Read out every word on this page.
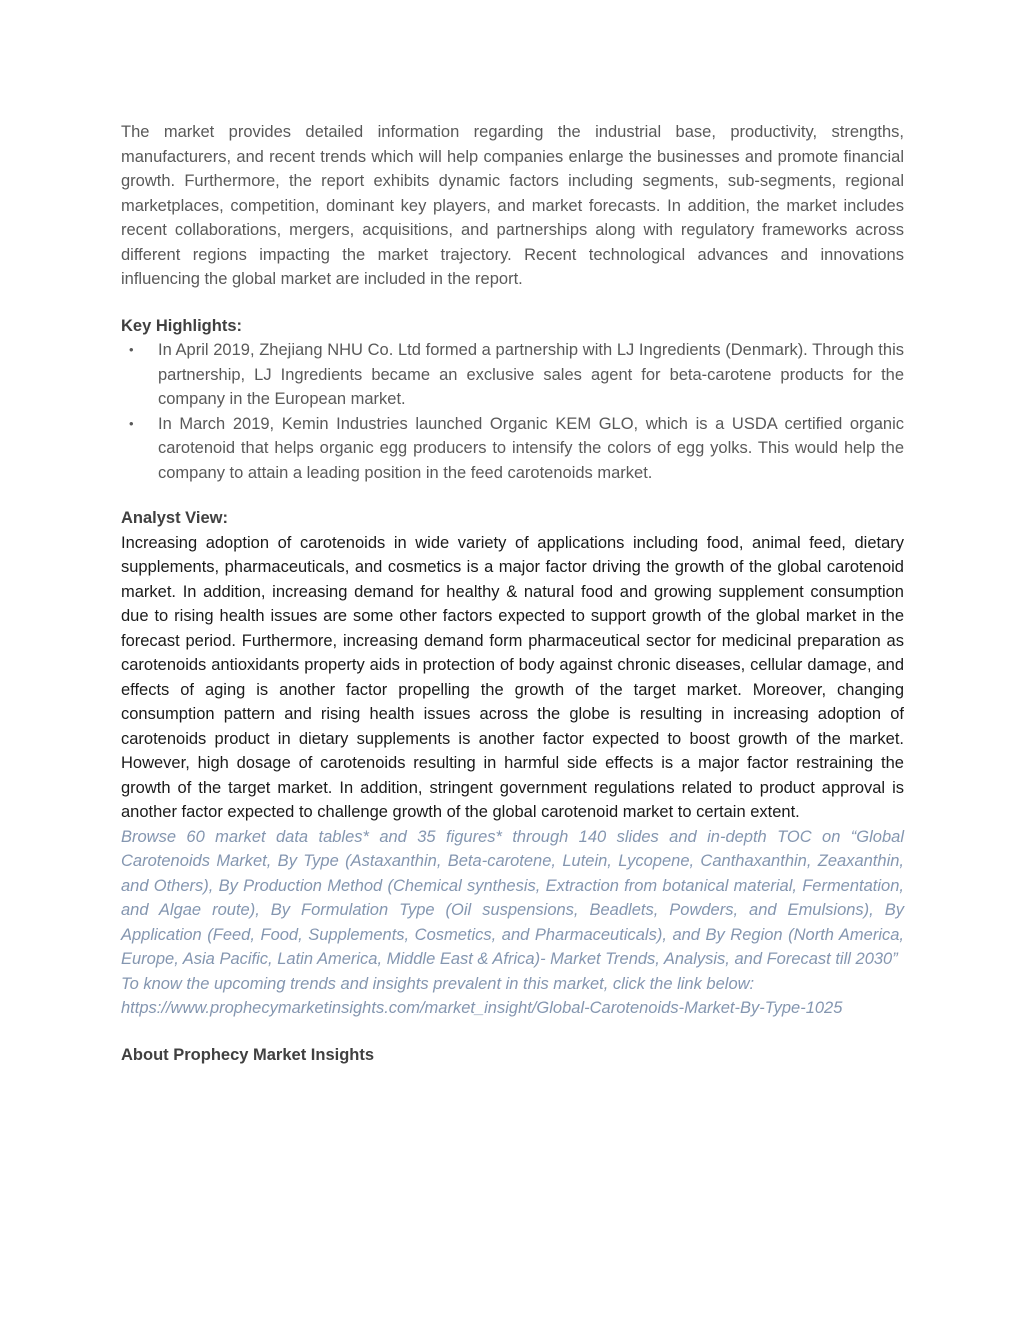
The market provides detailed information regarding the industrial base, productivity, strengths, manufacturers, and recent trends which will help companies enlarge the businesses and promote financial growth. Furthermore, the report exhibits dynamic factors including segments, sub-segments, regional marketplaces, competition, dominant key players, and market forecasts. In addition, the market includes recent collaborations, mergers, acquisitions, and partnerships along with regulatory frameworks across different regions impacting the market trajectory. Recent technological advances and innovations influencing the global market are included in the report.

Key Highlights:

• In April 2019, Zhejiang NHU Co. Ltd formed a partnership with LJ Ingredients (Denmark). Through this partnership, LJ Ingredients became an exclusive sales agent for beta-carotene products for the company in the European market.
• In March 2019, Kemin Industries launched Organic KEM GLO, which is a USDA certified organic carotenoid that helps organic egg producers to intensify the colors of egg yolks. This would help the company to attain a leading position in the feed carotenoids market.

Analyst View:

Increasing adoption of carotenoids in wide variety of applications including food, animal feed, dietary supplements, pharmaceuticals, and cosmetics is a major factor driving the growth of the global carotenoid market. In addition, increasing demand for healthy & natural food and growing supplement consumption due to rising health issues are some other factors expected to support growth of the global market in the forecast period. Furthermore, increasing demand form pharmaceutical sector for medicinal preparation as carotenoids antioxidants property aids in protection of body against chronic diseases, cellular damage, and effects of aging is another factor propelling the growth of the target market. Moreover, changing consumption pattern and rising health issues across the globe is resulting in increasing adoption of carotenoids product in dietary supplements is another factor expected to boost growth of the market. However, high dosage of carotenoids resulting in harmful side effects is a major factor restraining the growth of the target market. In addition, stringent government regulations related to product approval is another factor expected to challenge growth of the global carotenoid market to certain extent.

Browse 60 market data tables* and 35 figures* through 140 slides and in-depth TOC on “Global Carotenoids Market, By Type (Astaxanthin, Beta-carotene, Lutein, Lycopene, Canthaxanthin, Zeaxanthin, and Others), By Production Method (Chemical synthesis, Extraction from botanical material, Fermentation, and Algae route), By Formulation Type (Oil suspensions, Beadlets, Powders, and Emulsions), By Application (Feed, Food, Supplements, Cosmetics, and Pharmaceuticals), and By Region (North America, Europe, Asia Pacific, Latin America, Middle East & Africa)- Market Trends, Analysis, and Forecast till 2030”

To know the upcoming trends and insights prevalent in this market, click the link below:

https://www.prophecymarketinsights.com/market_insight/Global-Carotenoids-Market-By-Type-1025

About Prophecy Market Insights
